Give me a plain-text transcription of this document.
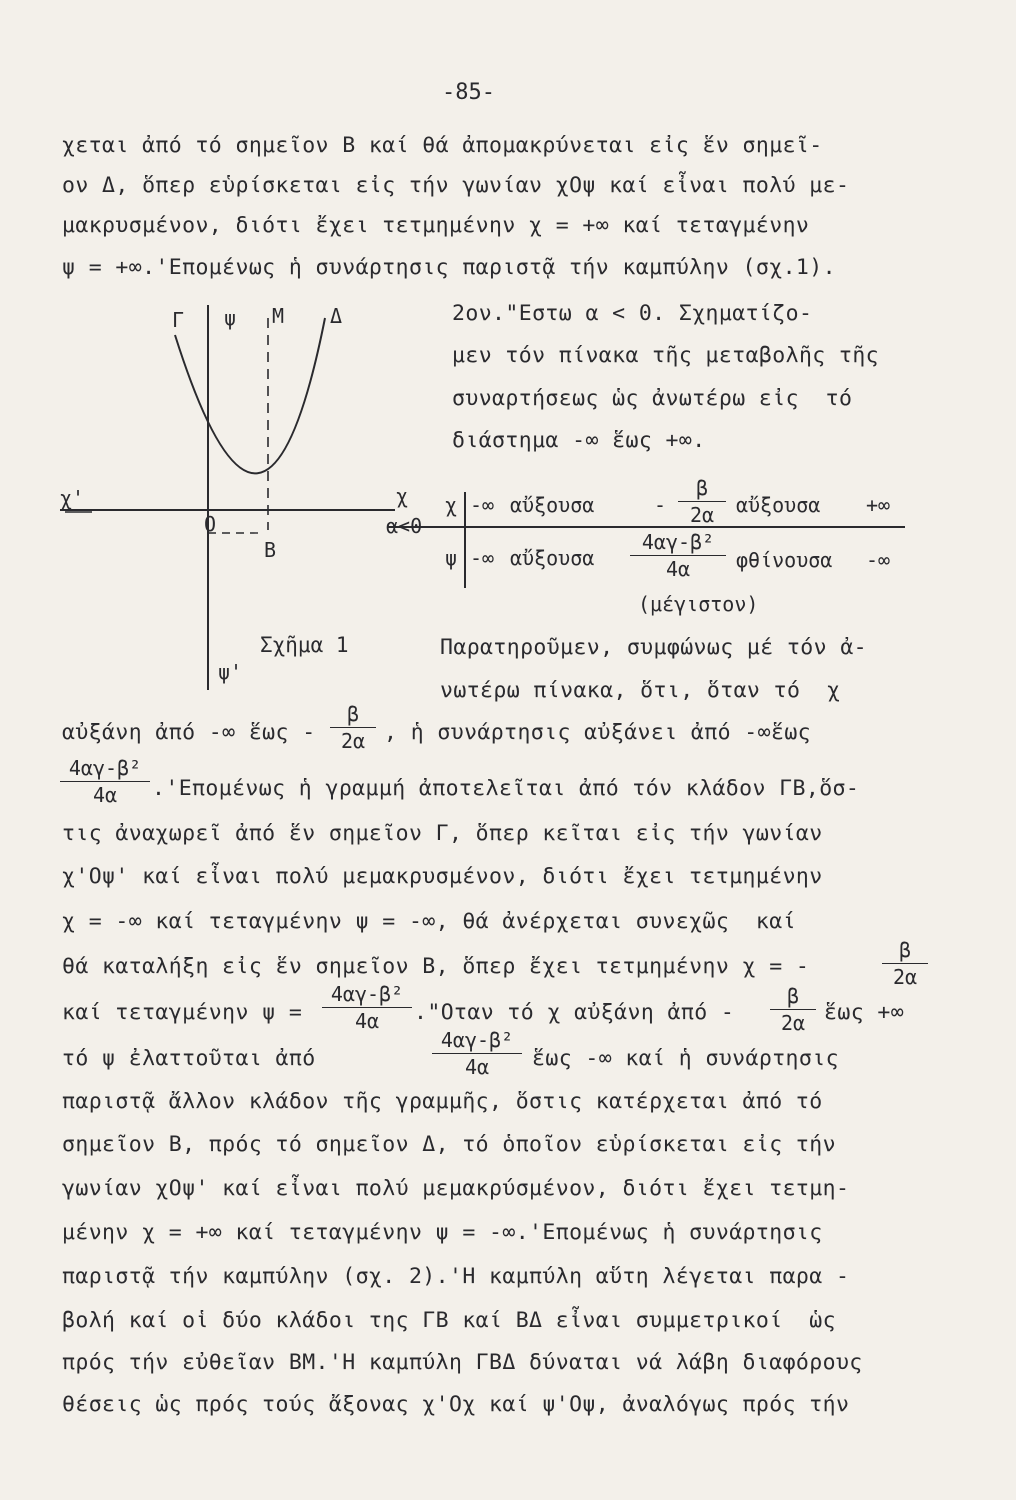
-85-
χεται ἀπό τό σημεῖον Β καί θά ἀπομακρύνεται εἰς ἕν σημεῖ-
ον Δ, ὅπερ εὑρίσκεται εἰς τήν γωνίαν χΟψ καί εἶναι πολύ με-
μακρυσμένον, διότι ἔχει τετμημένην χ = +∞ καί τεταγμένην
ψ = +∞.'Επομένως ἡ συνάρτησις παριστᾷ τήν καμπύλην (σχ.1).
Γ ψ Μ Δ
χ'
Ο
Β
ψ'
Σχῆμα 1
2ον."Εστω α < 0. Σχηματίζο-
μεν τόν πίνακα τῆς μεταβολῆς τῆς
συναρτήσεως ὡς ἀνωτέρω εἰς  τό
διάστημα -∞ ἕως +∞.
χ
α<0
χ -∞ αὔξουσα	- $\frac{\beta}{2\alpha}$ αὔξουσα +∞
ψ -∞ αὔξουσα $\frac{\text{4αγ-β²}}{4\alpha}$ φθίνουσα -∞
(μέγιστον)
Παρατηροῦμεν, συμφώνως μέ τόν ἀ-
νωτέρω πίνακα, ὅτι, ὅταν τό  χ
αὐξάνη ἀπό -∞ ἕως - $\frac{\beta}{2\alpha}$ , ἡ συνάρτησις αὐξάνει ἀπό -∞ἕως
$\frac{\text{4αγ-β²}}{4\alpha} .'E\pi o\mu έ\nu\omega\varsigma$ ἡ γραμμή ἀποτελεῖται ἀπό τόν κλάδον ΓΒ,ὅσ-
τις ἀναχωρεῖ ἀπό ἕν σημεῖον Γ, ὅπερ κεῖται εἰς τήν γωνίαν
χ'Οψ' καί εἶναι πολύ μεμακρυσμένον, διότι ἔχει τετμημένην
χ = -∞ καί τεταγμένην ψ = -∞, θά ἀνέρχεται συνεχῶς  καί
θά καταλήξη εἰς ἕν σημεῖον Β, ὅπερ ἔχει τετμημένην χ = -	$\frac{\beta}{2\alpha}$
καί τεταγμένην $\psi = \frac{\text{4αγ-β²}}{4\alpha}$ ."Οταν τό χ αὐξάνη ἀπό - $\frac{\beta}{2\alpha}$ ἕως +∞
τό ψ ἐλαττοῦται ἀπό	$\frac{\text{4αγ-β²}}{4\alpha}$ ἕως -∞ καί ἡ συνάρτησις
παριστᾷ ἄλλον κλάδον τῆς γραμμῆς, ὅστις κατέρχεται ἀπό τό
σημεῖον Β, πρός τό σημεῖον Δ, τό ὁποῖον εὑρίσκεται εἰς τήν
γωνίαν χΟψ' καί εἶναι πολύ μεμακρύσμένον, διότι ἔχει τετμη-
μένην χ = +∞ καί τεταγμένην ψ = -∞.'Επομένως ἡ συνάρτησις
παριστᾷ τήν καμπύλην (σχ. 2).'Η καμπύλη αὕτη λέγεται παρα -
βολή καί οἱ δύο κλάδοι της ΓΒ καί ΒΔ εἶναι συμμετρικοί  ὡς
πρός τήν εὐθεῖαν ΒΜ.'Η καμπύλη ΓΒΔ δύναται νά λάβη διαφόρους
θέσεις ὡς πρός τούς ἄξονας χ'Οχ καί ψ'Οψ, ἀναλόγως πρός τήν
